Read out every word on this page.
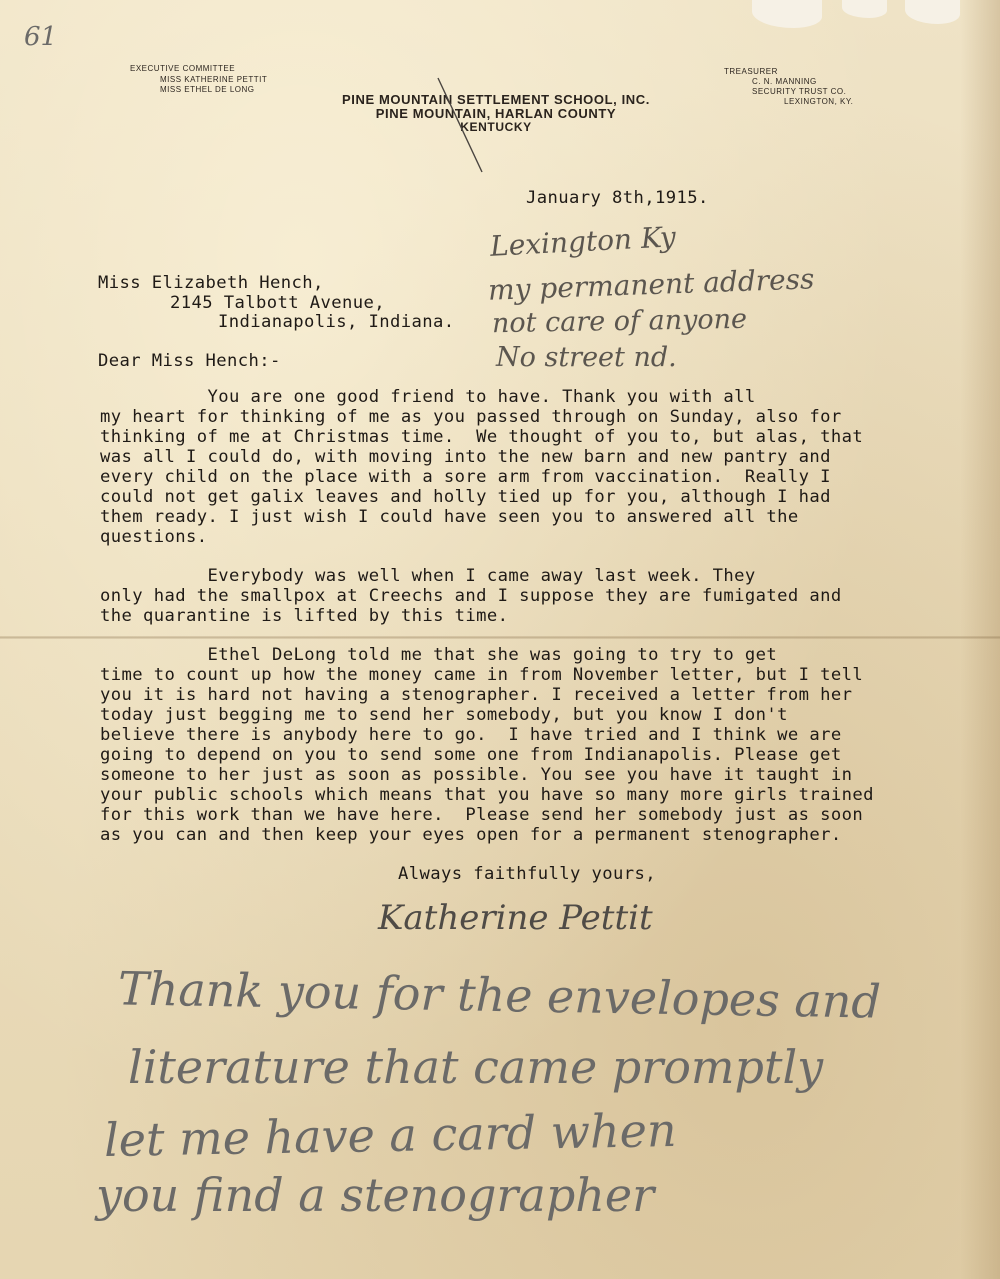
61
EXECUTIVE COMMITTEE
MISS KATHERINE PETTIT
MISS ETHEL DE LONG
PINE MOUNTAIN SETTLEMENT SCHOOL, INC.
PINE MOUNTAIN, HARLAN COUNTY
KENTUCKY
TREASURER
C. N. MANNING
SECURITY TRUST CO.
LEXINGTON, KY.
January 8th,1915.
Miss Elizabeth Hench,
2145 Talbott Avenue,
Indianapolis, Indiana.
Dear Miss Hench:-
You are one good friend to have. Thank you with all
my heart for thinking of me as you passed through on Sunday, also for
thinking of me at Christmas time.  We thought of you to, but alas, that
was all I could do, with moving into the new barn and new pantry and
every child on the place with a sore arm from vaccination.  Really I
could not get galix leaves and holly tied up for you, although I had
them ready. I just wish I could have seen you to answered all the
questions.
Everybody was well when I came away last week. They
only had the smallpox at Creechs and I suppose they are fumigated and
the quarantine is lifted by this time.
Ethel DeLong told me that she was going to try to get
time to count up how the money came in from November letter, but I tell
you it is hard not having a stenographer. I received a letter from her
today just begging me to send her somebody, but you know I don't
believe there is anybody here to go.  I have tried and I think we are
going to depend on you to send some one from Indianapolis. Please get
someone to her just as soon as possible. You see you have it taught in
your public schools which means that you have so many more girls trained
for this work than we have here.  Please send her somebody just as soon
as you can and then keep your eyes open for a permanent stenographer.
Always faithfully yours,
Lexington Ky
my permanent address
not care of anyone
No street nd.
Katherine Pettit
Thank you for the envelopes and
literature that came promptly
let me have a card when
you find a stenographer
